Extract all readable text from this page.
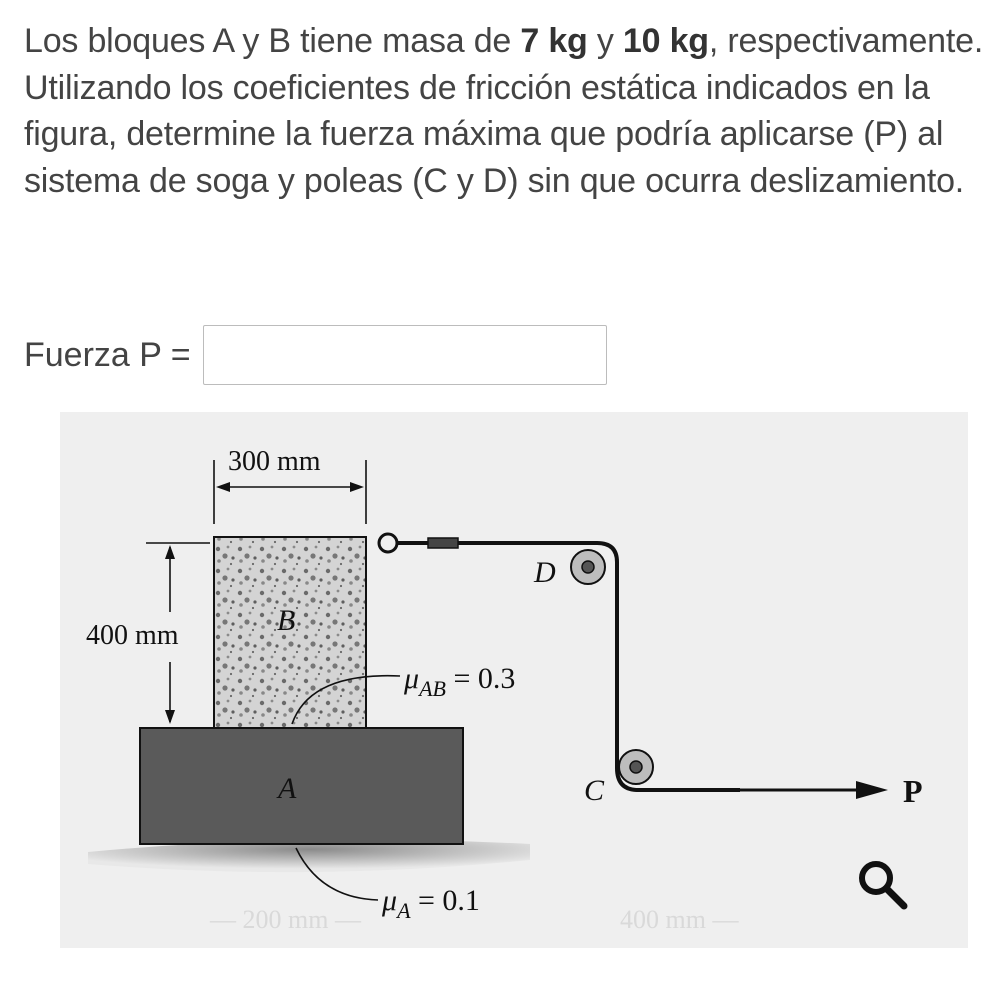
Los bloques A y B tiene masa de 7 kg y 10 kg, respectivamente. Utilizando los coeficientes de fricción estática indicados en la figura, determine la fuerza máxima que podría aplicarse (P) al sistema de soga y poleas (C y D) sin que ocurra deslizamiento.

Fuerza P =
— 200 mm —	400 mm —
A
B
300 mm
400 mm
D
C	P
$\mu_{AB} = 0.3$
$\mu_A = 0.1$
